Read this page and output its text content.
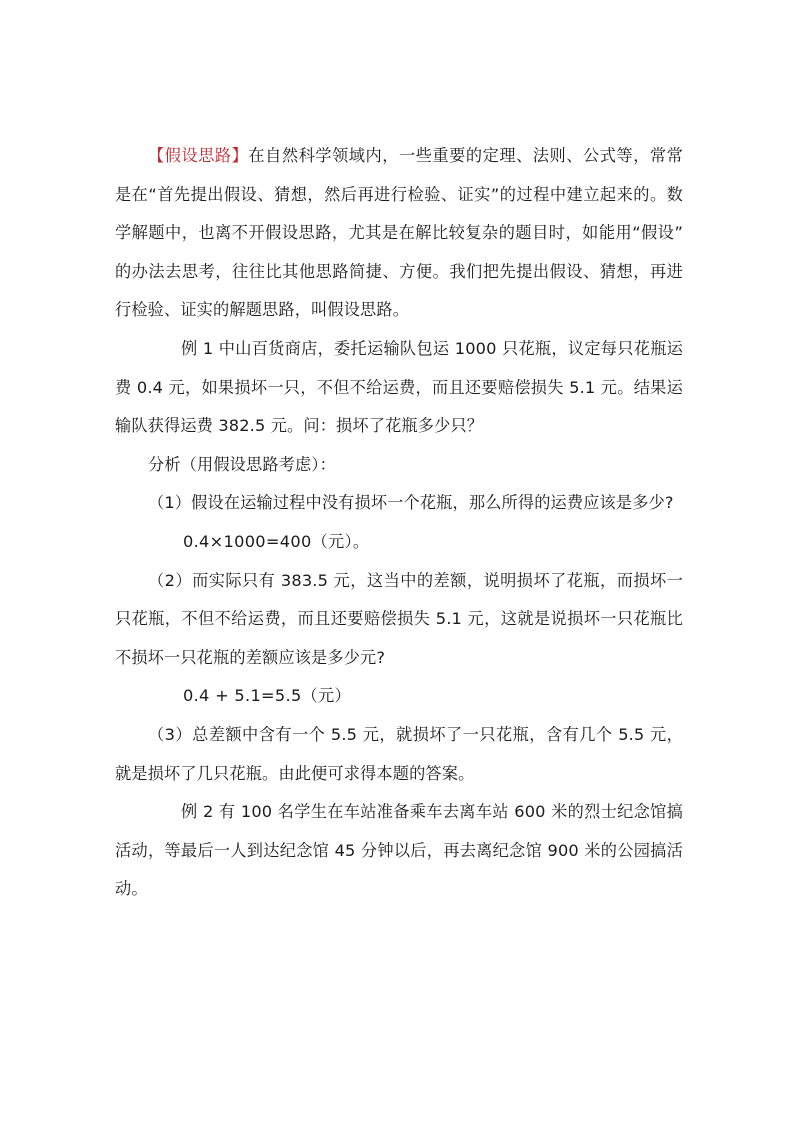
【假设思路】在自然科学领域内，一些重要的定理、法则、公式等，常常是在“首先提出假设、猜想，然后再进行检验、证实”的过程中建立起来的。数学解题中，也离不开假设思路，尤其是在解比较复杂的题目时，如能用“假设”的办法去思考，往往比其他思路简捷、方便。我们把先提出假设、猜想，再进行检验、证实的解题思路，叫假设思路。

例 1 中山百货商店，委托运输队包运 1000 只花瓶，议定每只花瓶运费 0.4 元，如果损坏一只，不但不给运费，而且还要赔偿损失 5.1 元。结果运输队获得运费 382.5 元。问：损坏了花瓶多少只？

分析（用假设思路考虑）：

（1）假设在运输过程中没有损坏一个花瓶，那么所得的运费应该是多少?

0.4×1000=400（元）。

（2）而实际只有 383.5 元，这当中的差额，说明损坏了花瓶，而损坏一只花瓶，不但不给运费，而且还要赔偿损失 5.1 元，这就是说损坏一只花瓶比不损坏一只花瓶的差额应该是多少元?

0.4 + 5.1=5.5（元）

（3）总差额中含有一个 5.5 元，就损坏了一只花瓶，含有几个 5.5 元，就是损坏了几只花瓶。由此便可求得本题的答案。

例 2 有 100 名学生在车站准备乘车去离车站 600 米的烈士纪念馆搞活动，等最后一人到达纪念馆 45 分钟以后，再去离纪念馆 900 米的公园搞活动。
